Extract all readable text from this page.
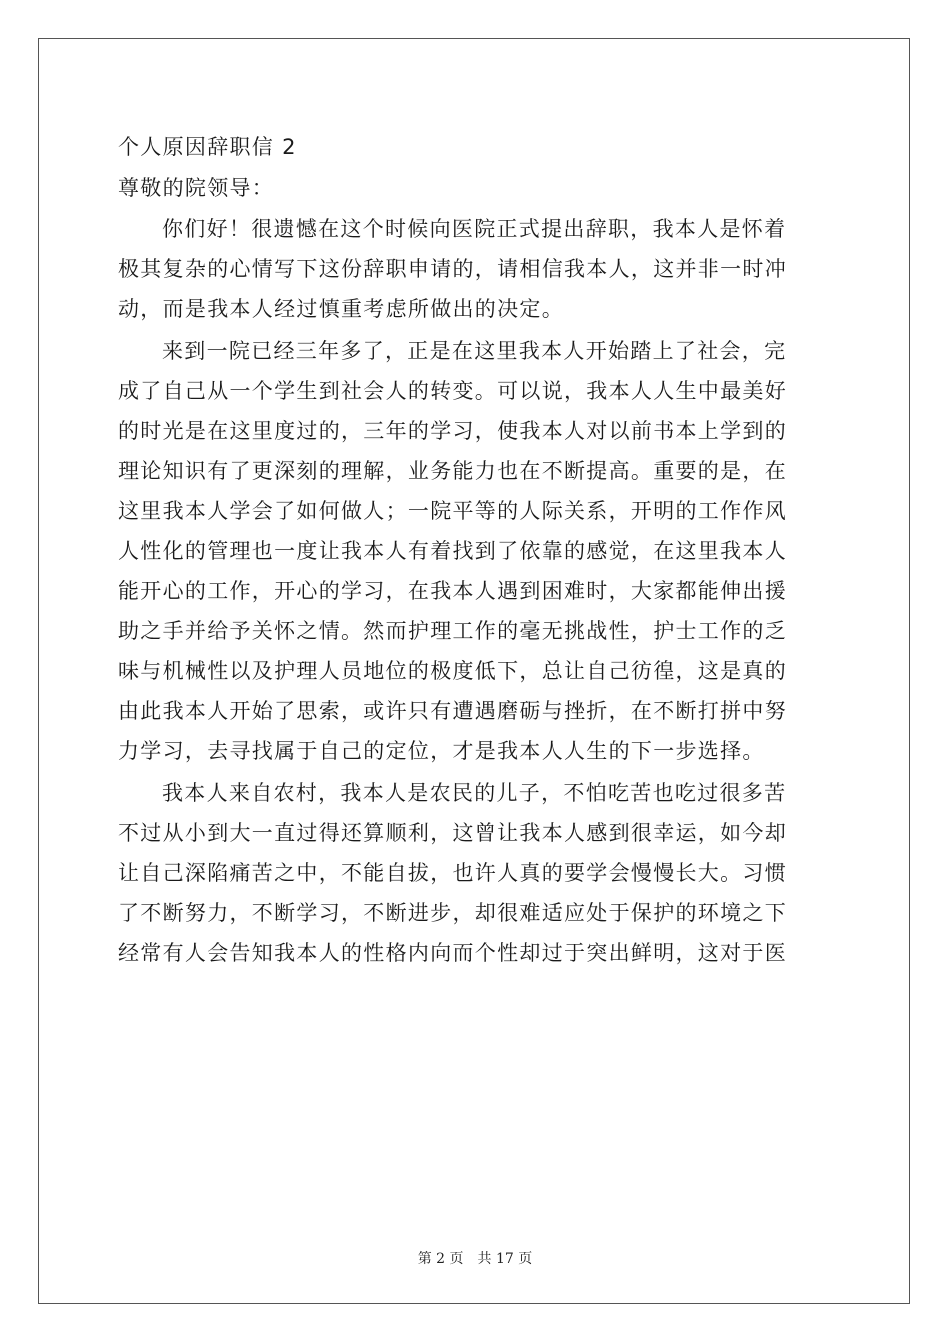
个人原因辞职信 2

尊敬的院领导：

你们好！很遗憾在这个时候向医院正式提出辞职，我本人是怀着

极其复杂的心情写下这份辞职申请的，请相信我本人，这并非一时冲

动，而是我本人经过慎重考虑所做出的决定。

来到一院已经三年多了，正是在这里我本人开始踏上了社会，完

成了自己从一个学生到社会人的转变。可以说，我本人人生中最美好

的时光是在这里度过的，三年的学习，使我本人对以前书本上学到的

理论知识有了更深刻的理解，业务能力也在不断提高。重要的是，在

这里我本人学会了如何做人；一院平等的人际关系，开明的工作作风

人性化的管理也一度让我本人有着找到了依靠的感觉，在这里我本人

能开心的工作，开心的学习，在我本人遇到困难时，大家都能伸出援

助之手并给予关怀之情。然而护理工作的毫无挑战性，护士工作的乏

味与机械性以及护理人员地位的极度低下，总让自己彷徨，这是真的

由此我本人开始了思索，或许只有遭遇磨砺与挫折，在不断打拼中努

力学习，去寻找属于自己的定位，才是我本人人生的下一步选择。

我本人来自农村，我本人是农民的儿子，不怕吃苦也吃过很多苦

不过从小到大一直过得还算顺利，这曾让我本人感到很幸运，如今却

让自己深陷痛苦之中，不能自拔，也许人真的要学会慢慢长大。习惯

了不断努力，不断学习，不断进步，却很难适应处于保护的环境之下

经常有人会告知我本人的性格内向而个性却过于突出鲜明，这对于医

第 2 页 共 17 页
